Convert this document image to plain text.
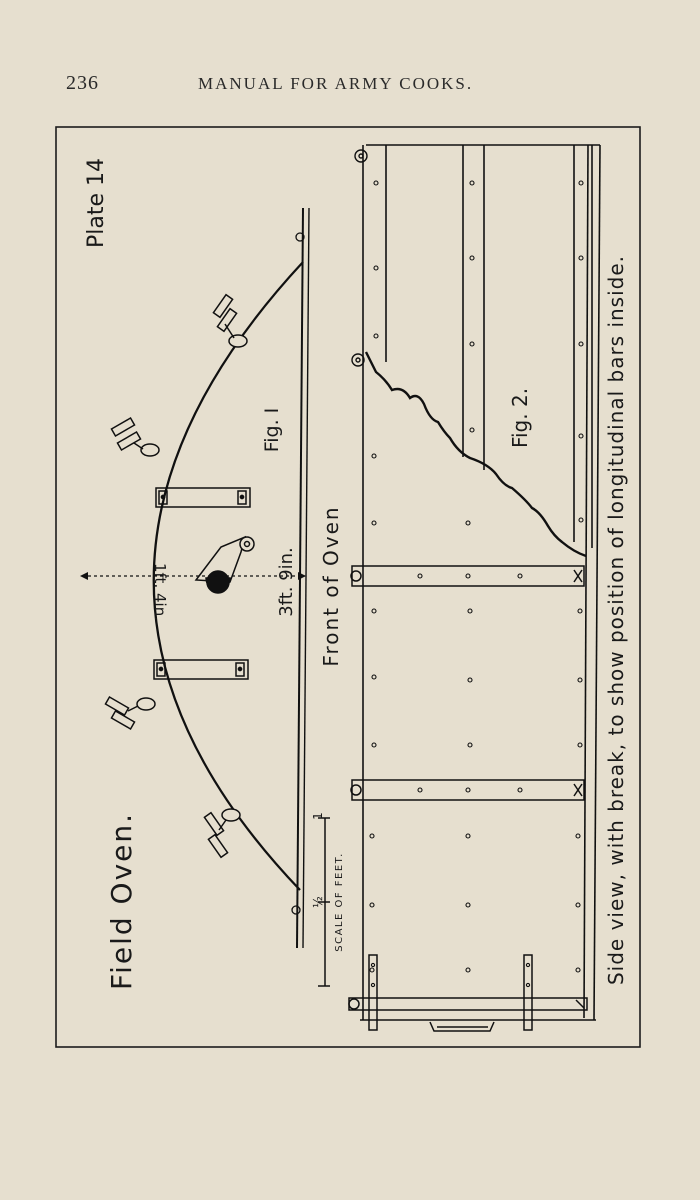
236	MANUAL FOR ARMY COOKS.
1ft. 4in.	3ft. 9in.
Fig. I
Front of Oven
Plate 14
Field Oven.	SCALE OF FEET.
½
1
Fig. 2.	Side view, with break, to show position of longitudinal bars inside.
